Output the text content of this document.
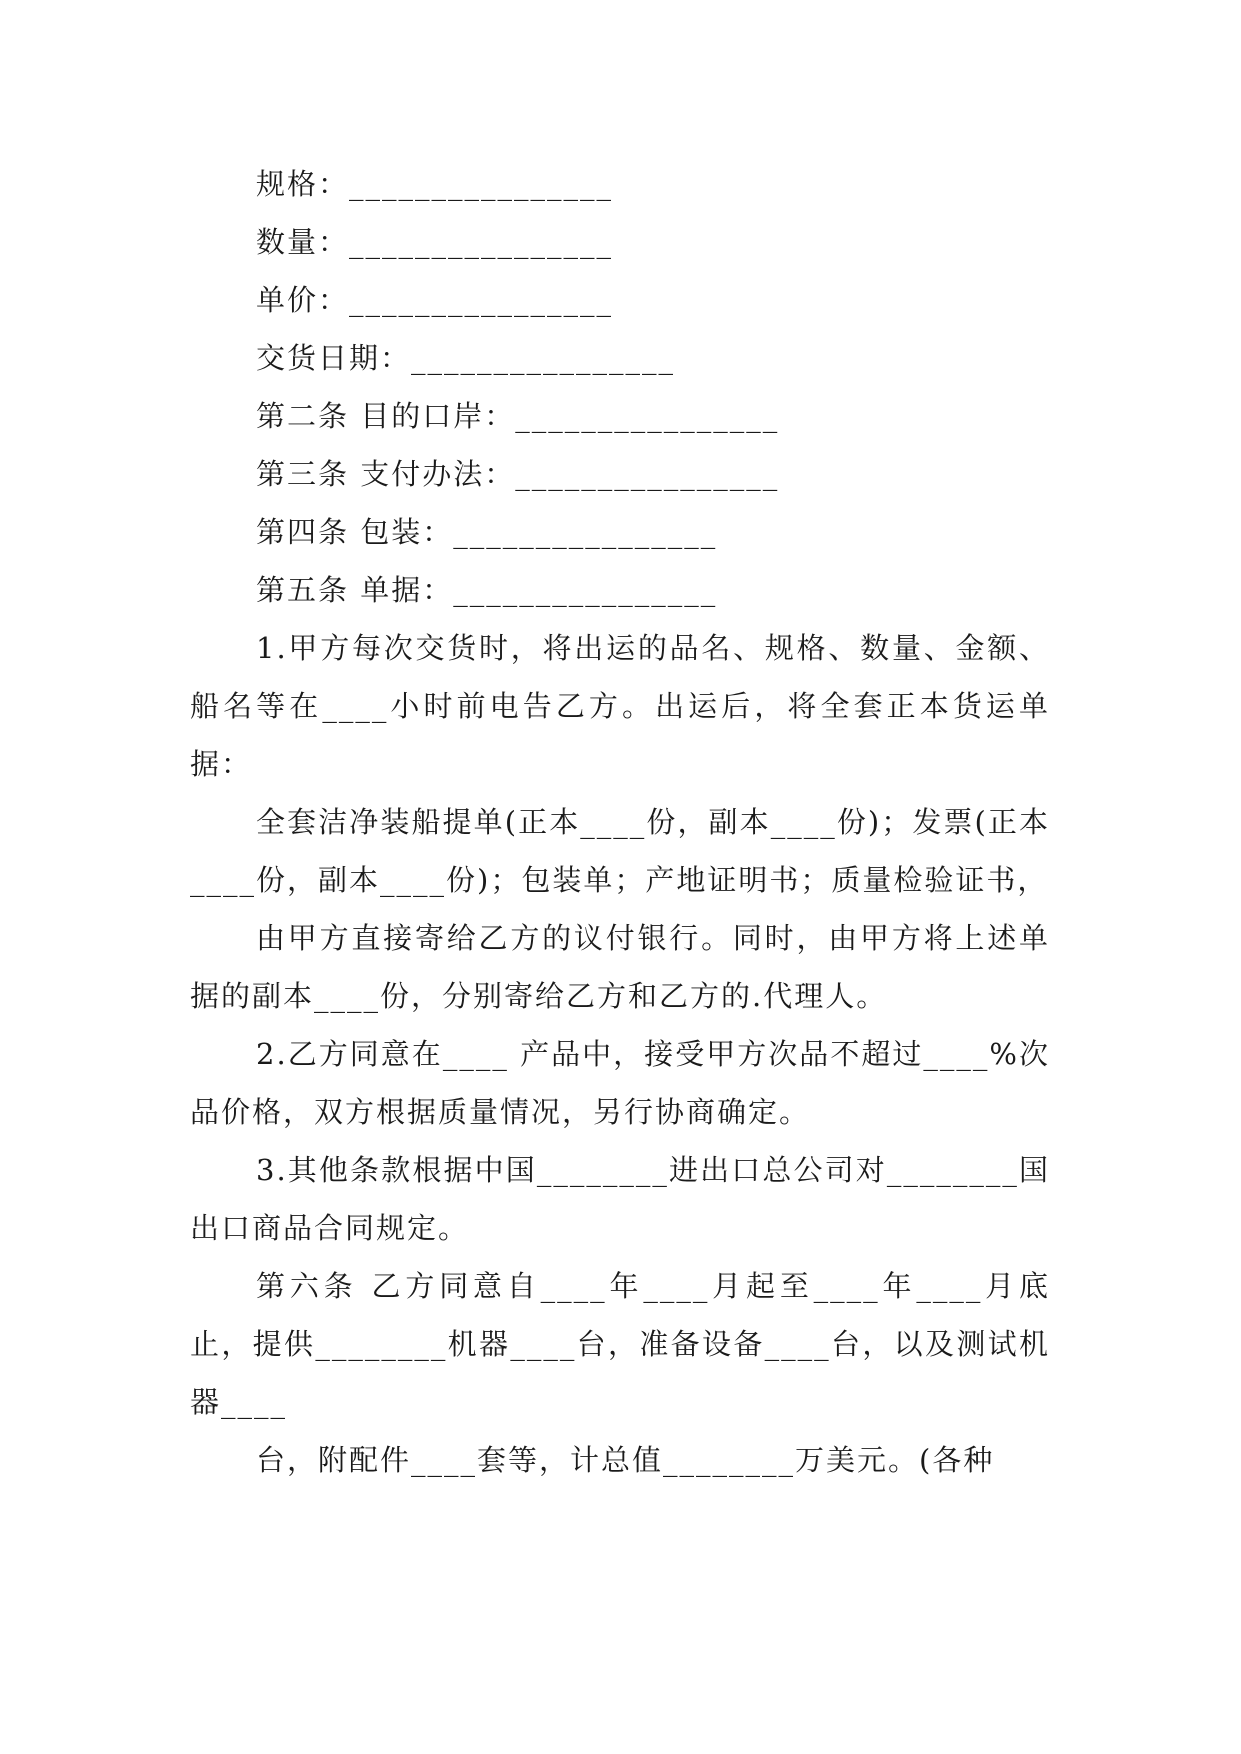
规格：________________

数量：________________

单价：________________

交货日期：________________

第二条 目的口岸：________________

第三条 支付办法：________________

第四条 包装：________________

第五条 单据：________________

1.甲方每次交货时，将出运的品名、规格、数量、金额、船名等在____小时前电告乙方。出运后，将全套正本货运单据：

全套洁净装船提单(正本____份，副本____份)；发票(正本____份，副本____份)；包装单；产地证明书；质量检验证书，

由甲方直接寄给乙方的议付银行。同时，由甲方将上述单据的副本____份，分别寄给乙方和乙方的.代理人。

2.乙方同意在____ 产品中，接受甲方次品不超过____%次品价格，双方根据质量情况，另行协商确定。

3.其他条款根据中国________进出口总公司对________国出口商品合同规定。

第六条 乙方同意自____年____月起至____年____月底止，提供________机器____台，准备设备____台，以及测试机器____

台，附配件____套等，计总值________万美元。(各种
